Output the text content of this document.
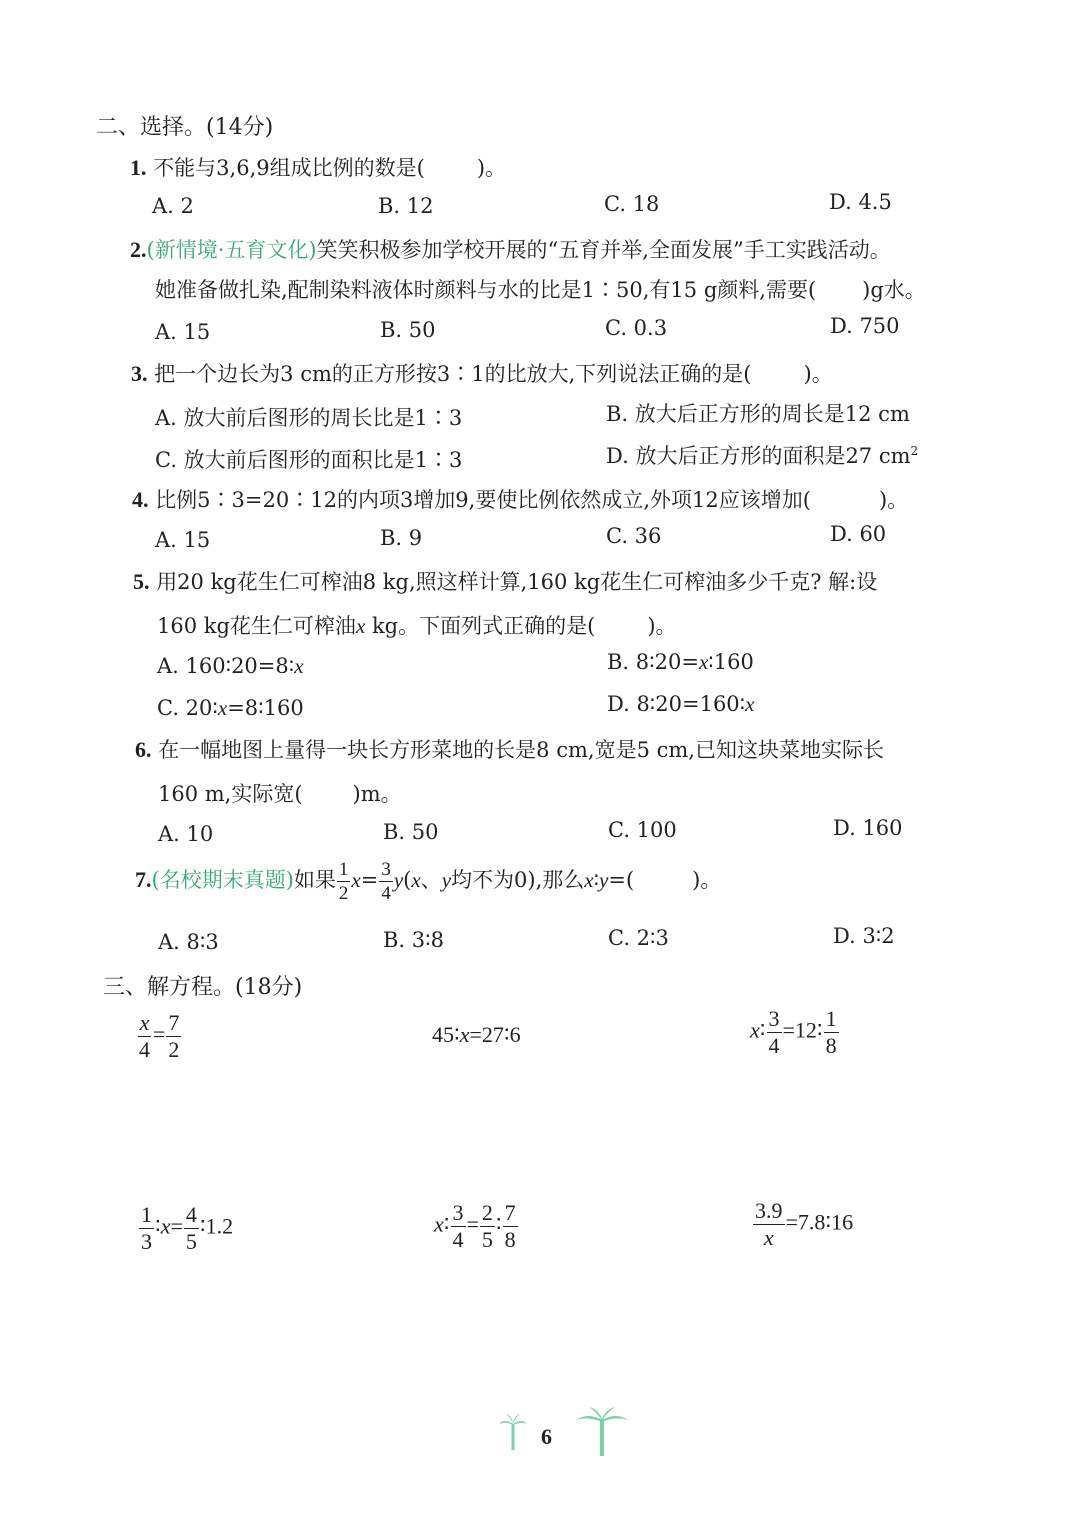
二、选择。(14分)
1. 不能与3,6,9组成比例的数是( )。
A. 2	B. 12	C. 18	D. 4.5
2.(新情境·五育文化)笑笑积极参加学校开展的“五育并举,全面发展”手工实践活动。
她准备做扎染,配制染料液体时颜料与水的比是1∶50,有15 g颜料,需要( )g水。
A. 15	B. 50	C. 0.3	D. 750
3. 把一个边长为3 cm的正方形按3∶1的比放大,下列说法正确的是( )。
A. 放大前后图形的周长比是1∶3	B. 放大后正方形的周长是12 cm
C. 放大前后图形的面积比是1∶3	D. 放大后正方形的面积是27 $cm^2$
4. 比例5∶3=20∶12的内项3增加9,要使比例依然成立,外项12应该增加(	)。
A. 15	B. 9	C. 36	D. 60
5. 用20 kg花生仁可榨油8 kg,照这样计算,160 kg花生仁可榨油多少千克? 解:设
160 kg花生仁可榨油x kg。下面列式正确的是( )。
A. 160∶20=8∶x	B. 8∶20=x∶160
C. 20∶x=8∶160	D. 8∶20=160∶x
6. 在一幅地图上量得一块长方形菜地的长是8 cm,宽是5 cm,已知这块菜地实际长
160 m,实际宽( )m。
A. 10	B. 50	C. 100	D. 160
7.(名校期末真题)如果 $\frac{1}{2} x= \frac{3}{4} y(x$、y均不为0),那么x∶y=(	)。
A. 8∶3	B. 3∶8	C. 2∶3	D. 3∶2
三、解方程。(18分)
$\frac{x}{4} = \frac{7}{2}$	45∶x=27∶6	x∶ $\frac{3}{4}$ =12∶ $\frac{1}{8}$
$\frac{1}{3}$ ∶x= $\frac{4}{5}$ ∶1.2	x∶ $\frac{3}{4} = \frac{2}{5}$ ∶ $\frac{7}{8}$	$\frac{3.9}{x}$ =7.8∶16
6
